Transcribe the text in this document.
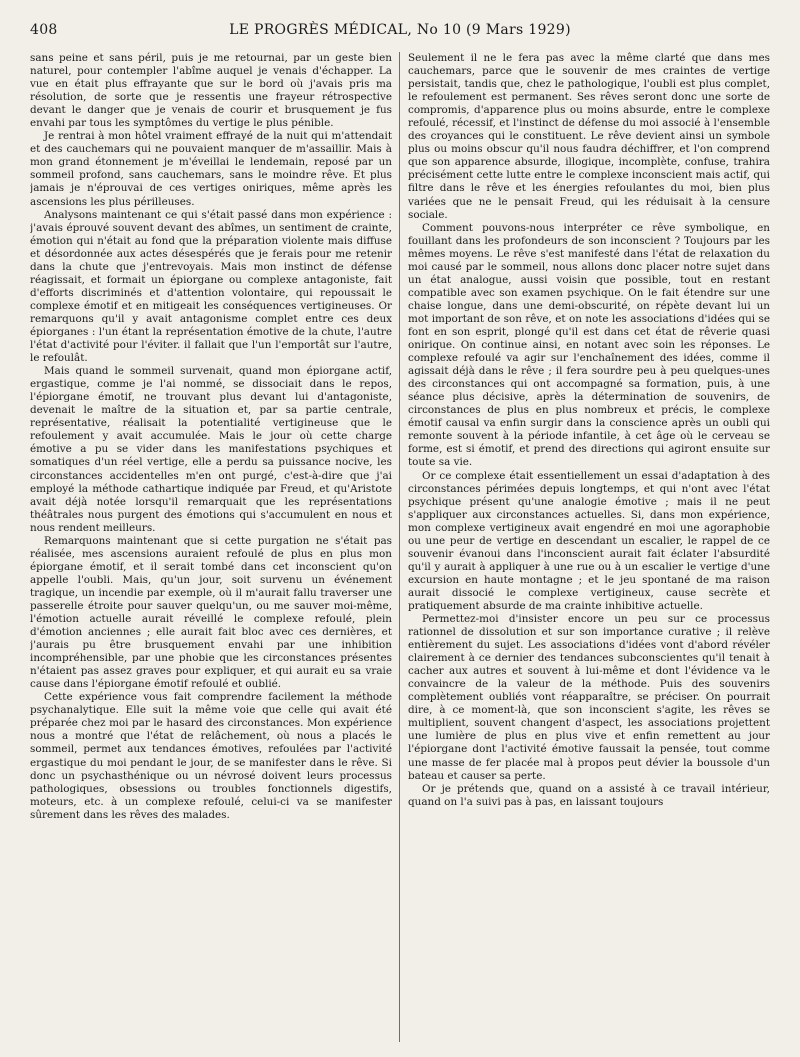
408	LE PROGRÈS MÉDICAL, No 10 (9 Mars 1929)

sans peine et sans péril, puis je me retournai, par un geste bien naturel, pour contempler l'abîme auquel je venais d'échapper. La vue en était plus effrayante que sur le bord où j'avais pris ma résolution, de sorte que je ressentis une frayeur rétrospective devant le danger que je venais de courir et brusquement je fus envahi par tous les symptômes du vertige le plus pénible.

Je rentrai à mon hôtel vraiment effrayé de la nuit qui m'attendait et des cauchemars qui ne pouvaient manquer de m'assaillir. Mais à mon grand étonnement je m'éveillai le lendemain, reposé par un sommeil profond, sans cauchemars, sans le moindre rêve. Et plus jamais je n'éprouvai de ces vertiges oniriques, même après les ascensions les plus périlleuses.

Analysons maintenant ce qui s'était passé dans mon expérience : j'avais éprouvé souvent devant des abîmes, un sentiment de crainte, émotion qui n'était au fond que la préparation violente mais diffuse et désordonnée aux actes désespérés que je ferais pour me retenir dans la chute que j'entrevoyais. Mais mon instinct de défense réagissait, et formait un épiorgane ou complexe antagoniste, fait d'efforts discriminés et d'attention volontaire, qui repoussait le complexe émotif et en mitigeait les conséquences vertigineuses. Or remarquons qu'il y avait antagonisme complet entre ces deux épiorganes : l'un étant la représentation émotive de la chute, l'autre l'état d'activité pour l'éviter. il fallait que l'un l'emportât sur l'autre, le refoulât.

Mais quand le sommeil survenait, quand mon épiorgane actif, ergastique, comme je l'ai nommé, se dissociait dans le repos, l'épiorgane émotif, ne trouvant plus devant lui d'antagoniste, devenait le maître de la situation et, par sa partie centrale, représentative, réalisait la potentialité vertigineuse que le refoulement y avait accumulée. Mais le jour où cette charge émotive a pu se vider dans les manifestations psychiques et somatiques d'un réel vertige, elle a perdu sa puissance nocive, les circonstances accidentelles m'en ont purgé, c'est-à-dire que j'ai employé la méthode cathartique indiquée par Freud, et qu'Aristote avait déjà notée lorsqu'il remarquait que les représentations théâtrales nous purgent des émotions qui s'accumulent en nous et nous rendent meilleurs.

Remarquons maintenant que si cette purgation ne s'était pas réalisée, mes ascensions auraient refoulé de plus en plus mon épiorgane émotif, et il serait tombé dans cet inconscient qu'on appelle l'oubli. Mais, qu'un jour, soit survenu un événement tragique, un incendie par exemple, où il m'aurait fallu traverser une passerelle étroite pour sauver quelqu'un, ou me sauver moi-même, l'émotion actuelle aurait réveillé le complexe refoulé, plein d'émotion anciennes ; elle aurait fait bloc avec ces dernières, et j'aurais pu être brusquement envahi par une inhibition incompréhensible, par une phobie que les circonstances présentes n'étaient pas assez graves pour expliquer, et qui aurait eu sa vraie cause dans l'épiorgane émotif refoulé et oublié.

Cette expérience vous fait comprendre facilement la méthode psychanalytique. Elle suit la même voie que celle qui avait été préparée chez moi par le hasard des circonstances. Mon expérience nous a montré que l'état de relâchement, où nous a placés le sommeil, permet aux tendances émotives, refoulées par l'activité ergastique du moi pendant le jour, de se manifester dans le rêve. Si donc un psychasthénique ou un névrosé doivent leurs processus pathologiques, obsessions ou troubles fonctionnels digestifs, moteurs, etc. à un complexe refoulé, celui-ci va se manifester sûrement dans les rêves des malades.

Seulement il ne le fera pas avec la même clarté que dans mes cauchemars, parce que le souvenir de mes craintes de vertige persistait, tandis que, chez le pathologique, l'oubli est plus complet, le refoulement est permanent. Ses rêves seront donc une sorte de compromis, d'apparence plus ou moins absurde, entre le complexe refoulé, récessif, et l'instinct de défense du moi associé à l'ensemble des croyances qui le constituent. Le rêve devient ainsi un symbole plus ou moins obscur qu'il nous faudra déchiffrer, et l'on comprend que son apparence absurde, illogique, incomplète, confuse, trahira précisément cette lutte entre le complexe inconscient mais actif, qui filtre dans le rêve et les énergies refoulantes du moi, bien plus variées que ne le pensait Freud, qui les réduisait à la censure sociale.

Comment pouvons-nous interpréter ce rêve symbolique, en fouillant dans les profondeurs de son inconscient ? Toujours par les mêmes moyens. Le rêve s'est manifesté dans l'état de relaxation du moi causé par le sommeil, nous allons donc placer notre sujet dans un état analogue, aussi voisin que possible, tout en restant compatible avec son examen psychique. On le fait étendre sur une chaise longue, dans une demi-obscurité, on répète devant lui un mot important de son rêve, et on note les associations d'idées qui se font en son esprit, plongé qu'il est dans cet état de rêverie quasi onirique. On continue ainsi, en notant avec soin les réponses. Le complexe refoulé va agir sur l'enchaînement des idées, comme il agissait déjà dans le rêve ; il fera sourdre peu à peu quelques-unes des circonstances qui ont accompagné sa formation, puis, à une séance plus décisive, après la détermination de souvenirs, de circonstances de plus en plus nombreux et précis, le complexe émotif causal va enfin surgir dans la conscience après un oubli qui remonte souvent à la période infantile, à cet âge où le cerveau se forme, est si émotif, et prend des directions qui agiront ensuite sur toute sa vie.

Or ce complexe était essentiellement un essai d'adaptation à des circonstances périmées depuis longtemps, et qui n'ont avec l'état psychique présent qu'une analogie émotive ; mais il ne peut s'appliquer aux circonstances actuelles. Si, dans mon expérience, mon complexe vertigineux avait engendré en moi une agoraphobie ou une peur de vertige en descendant un escalier, le rappel de ce souvenir évanoui dans l'inconscient aurait fait éclater l'absurdité qu'il y aurait à appliquer à une rue ou à un escalier le vertige d'une excursion en haute montagne ; et le jeu spontané de ma raison aurait dissocié le complexe vertigineux, cause secrète et pratiquement absurde de ma crainte inhibitive actuelle.

Permettez-moi d'insister encore un peu sur ce processus rationnel de dissolution et sur son importance curative ; il relève entièrement du sujet. Les associations d'idées vont d'abord révéler clairement à ce dernier des tendances subconscientes qu'il tenait à cacher aux autres et souvent à lui-même et dont l'évidence va le convaincre de la valeur de la méthode. Puis des souvenirs complètement oubliés vont réapparaître, se préciser. On pourrait dire, à ce moment-là, que son inconscient s'agite, les rêves se multiplient, souvent changent d'aspect, les associations projettent une lumière de plus en plus vive et enfin remettent au jour l'épiorgane dont l'activité émotive faussait la pensée, tout comme une masse de fer placée mal à propos peut dévier la boussole d'un bateau et causer sa perte.

Or je prétends que, quand on a assisté à ce travail intérieur, quand on l'a suivi pas à pas, en laissant toujours
